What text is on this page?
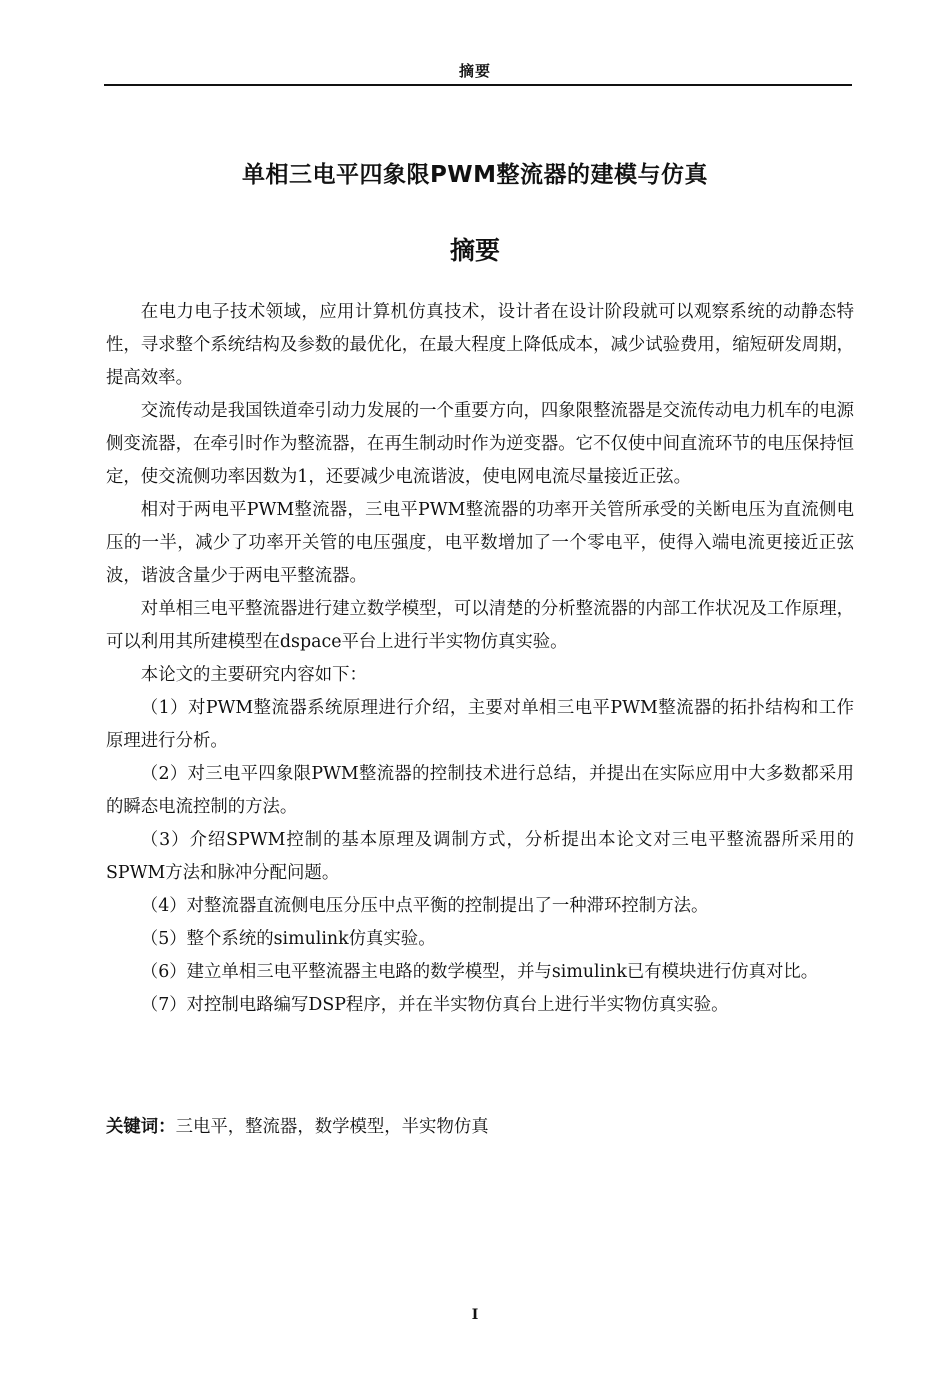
摘要
单相三电平四象限PWM整流器的建模与仿真
摘要

在电力电子技术领域，应用计算机仿真技术，设计者在设计阶段就可以观察系统的动静态特性，寻求整个系统结构及参数的最优化，在最大程度上降低成本，减少试验费用，缩短研发周期，提高效率。

交流传动是我国铁道牵引动力发展的一个重要方向，四象限整流器是交流传动电力机车的电源侧变流器，在牵引时作为整流器，在再生制动时作为逆变器。它不仅使中间直流环节的电压保持恒定，使交流侧功率因数为1，还要减少电流谐波，使电网电流尽量接近正弦。

相对于两电平PWM整流器，三电平PWM整流器的功率开关管所承受的关断电压为直流侧电压的一半，减少了功率开关管的电压强度，电平数增加了一个零电平，使得入端电流更接近正弦波，谐波含量少于两电平整流器。

对单相三电平整流器进行建立数学模型，可以清楚的分析整流器的内部工作状况及工作原理，可以利用其所建模型在dspace平台上进行半实物仿真实验。

本论文的主要研究内容如下：

（1）对PWM整流器系统原理进行介绍，主要对单相三电平PWM整流器的拓扑结构和工作原理进行分析。

（2）对三电平四象限PWM整流器的控制技术进行总结，并提出在实际应用中大多数都采用的瞬态电流控制的方法。

（3）介绍SPWM控制的基本原理及调制方式，分析提出本论文对三电平整流器所采用的SPWM方法和脉冲分配问题。

（4）对整流器直流侧电压分压中点平衡的控制提出了一种滞环控制方法。

（5）整个系统的simulink仿真实验。

（6）建立单相三电平整流器主电路的数学模型，并与simulink已有模块进行仿真对比。

（7）对控制电路编写DSP程序，并在半实物仿真台上进行半实物仿真实验。

关键词：三电平，整流器，数学模型，半实物仿真
I
